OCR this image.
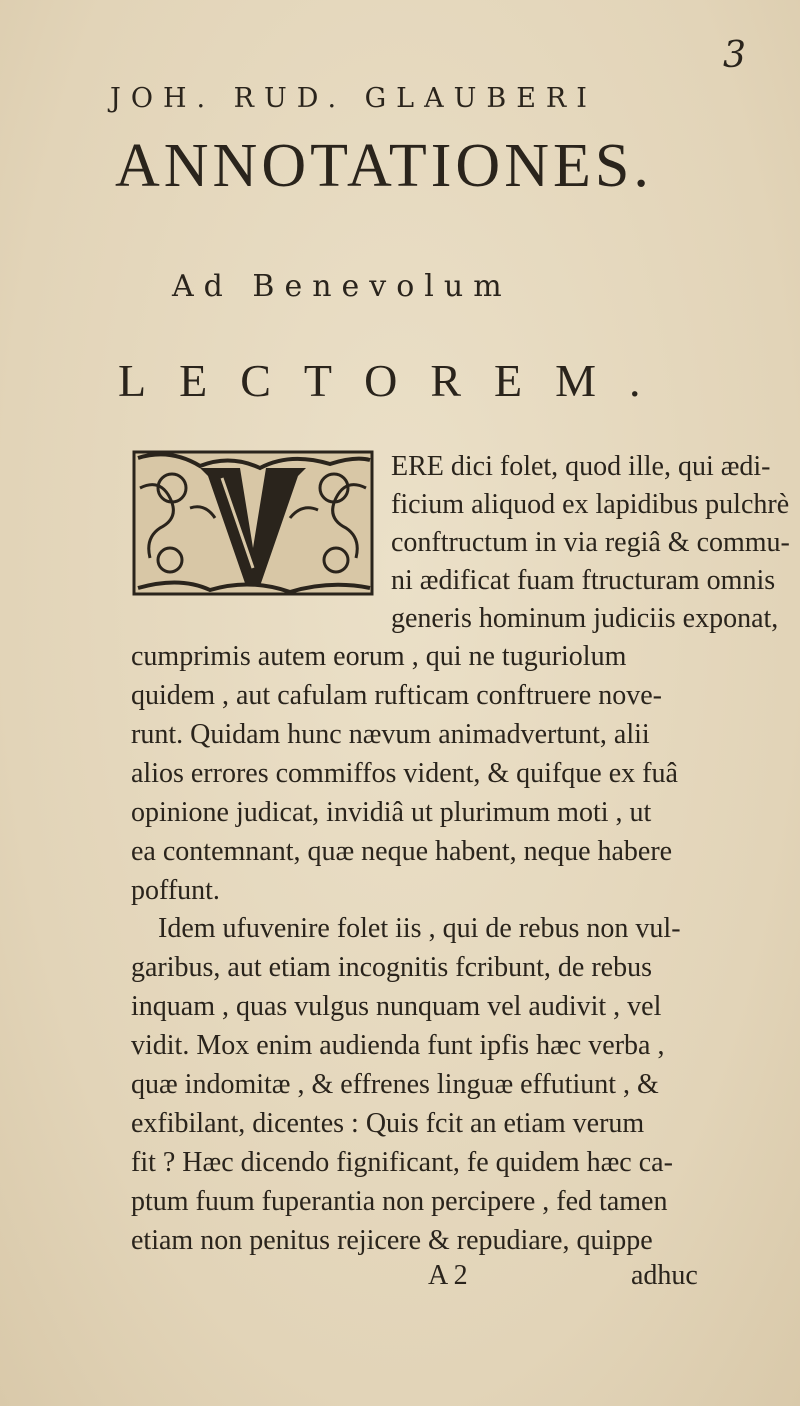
3
JOH. RUD. GLAUBERI
ANNOTATIONES.
Ad Benevolum
LECTOREM.
ERE dici folet, quod ille, qui ædi-
ficium aliquod ex lapidibus pulchrè
conftructum in via regiâ & commu-
ni ædificat fuam ftructuram omnis
generis hominum judiciis exponat,
cumprimis autem eorum , qui ne tuguriolum
quidem , aut cafulam rufticam conftruere nove-
runt. Quidam hunc nævum animadvertunt, alii
alios errores commiffos vident, & quifque ex fuâ
opinione judicat, invidiâ ut plurimum moti , ut
ea contemnant, quæ neque habent, neque habere
poffunt.
Idem ufuvenire folet iis , qui de rebus non vul-
garibus, aut etiam incognitis fcribunt, de rebus
inquam , quas vulgus nunquam vel audivit , vel
vidit. Mox enim audienda funt ipfis hæc verba ,
quæ indomitæ , & effrenes linguæ effutiunt , &
exfibilant, dicentes : Quis fcit an etiam verum
fit ? Hæc dicendo fignificant, fe quidem hæc ca-
ptum fuum fuperantia non percipere , fed tamen
etiam non penitus rejicere & repudiare, quippe
A 2	adhuc
